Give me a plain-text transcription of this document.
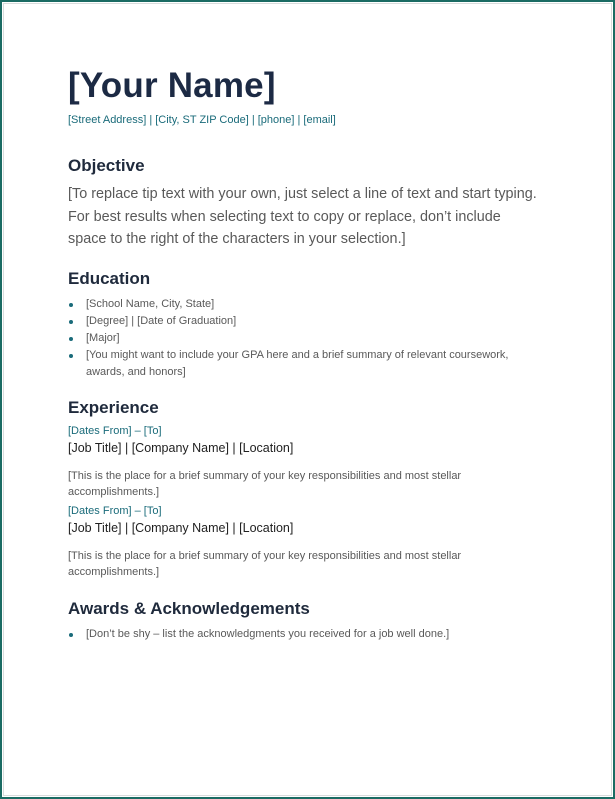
[Your Name]
[Street Address] | [City, ST ZIP Code] | [phone] | [email]
Objective
[To replace tip text with your own, just select a line of text and start typing. For best results when selecting text to copy or replace, don’t include space to the right of the characters in your selection.]
Education
[School Name, City, State]
[Degree] | [Date of Graduation]
[Major]
[You might want to include your GPA here and a brief summary of relevant coursework, awards, and honors]
Experience
[Dates From] – [To]
[Job Title] | [Company Name] | [Location]
[This is the place for a brief summary of your key responsibilities and most stellar accomplishments.]
[Dates From] – [To]
[Job Title] | [Company Name] | [Location]
[This is the place for a brief summary of your key responsibilities and most stellar accomplishments.]
Awards & Acknowledgements
[Don’t be shy – list the acknowledgments you received for a job well done.]
